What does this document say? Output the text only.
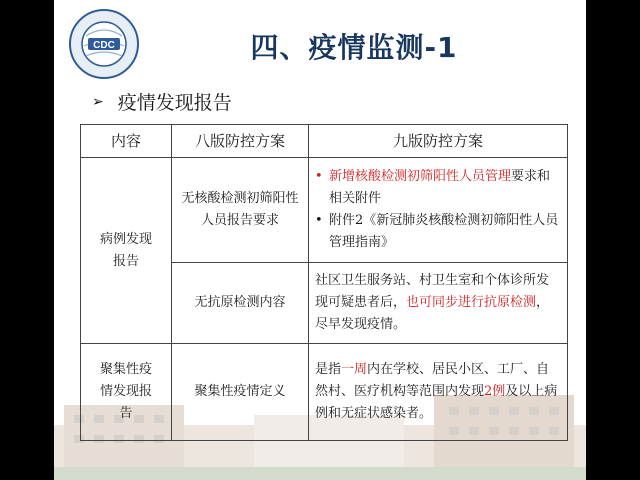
CDC	四、疫情监测-1
➢ 疫情发现报告
内容	八版防控方案	九版防控方案
病例发现报告	无核酸检测初筛阳性人员报告要求	• 新增核酸检测初筛阳性人员管理要求和相关附件
• 附件2《新冠肺炎核酸检测初筛阳性人员管理指南》

	无抗原检测内容	社区卫生服务站、村卫生室和个体诊所发现可疑患者后，也可同步进行抗原检测，尽早发现疫情。
聚集性疫情发现报告	聚集性疫情定义	是指一周内在学校、居民小区、工厂、自然村、医疗机构等范围内发现2例及以上病例和无症状感染者。
